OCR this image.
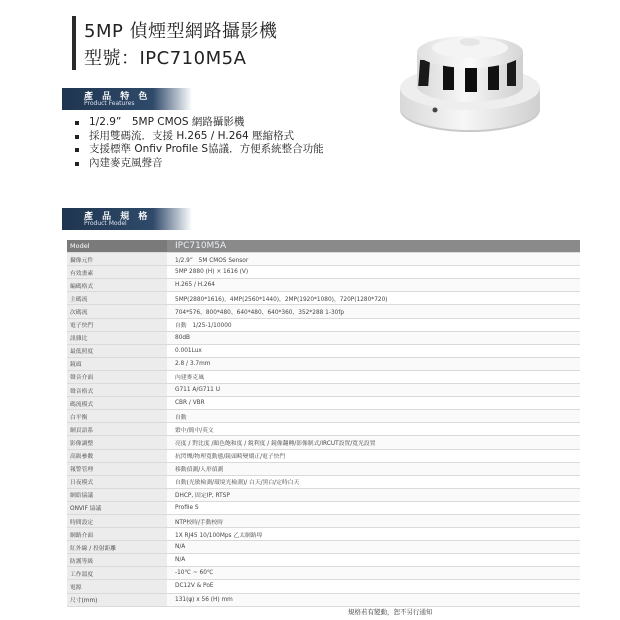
5MP 偵煙型網路攝影機
型號：IPC710M5A
產 品 特 色
Product Features
1/2.9”　5MP CMOS 網路攝影機
採用雙碼流．支援 H.265 / H.264 壓縮格式
支援標準 Onfiv Profile S協議．方便系統整合功能
內建麥克風聲音
產 品 規 格
Product Model
Model	IPC710M5A
攝像元件	1/2.9”　5M CMOS Sensor
有效畫素	5MP 2880 (H) × 1616 (V)
編碼格式	H.265 / H.264
主碼流	5MP(2880*1616)，4MP(2560*1440)，2MP(1920*1080)，720P(1280*720)
次碼流	704*576、800*480、640*480、640*360、352*288 1-30fp
電子快門	自動　1/25-1/10000
訊雜比	80dB
最低照度	0.001Lux
鏡頭	2.8 / 3.7mm
聲音介面	內建麥克風
聲音格式	G711 A/G711 U
碼流模式	CBR / VBR
白平衡	自動
網頁語系	繁中/簡中/英文
影像調整	亮度 / 對比度 /顏色飽和度 / 銳利度 / 鏡像翻轉/影像制式/IRCUT設置/寬光設置
高級參數	抗閃爍/物理寬動態/鏡頭畸變矯正/電子快門
報警管理	移動偵測/人形偵測
日夜模式	自動(光敏檢測/環境光檢測)/ 白天/黑白/定時白天
網絡協議	DHCP, 固定IP, RTSP
ONVIF 協議	Profile S
時間設定	NTP校時/手動校時
網路介面	1X RJ45 10/100Mps 乙太網路埠
紅外線 / 投射距離	N/A
防護等級	N/A
工作溫度	-10℃ ~ 60℃
電源	DC12V & PoE
尺寸(mm)	131(ψ) x 56 (H) mm
規格若有變動，恕不另行通知
